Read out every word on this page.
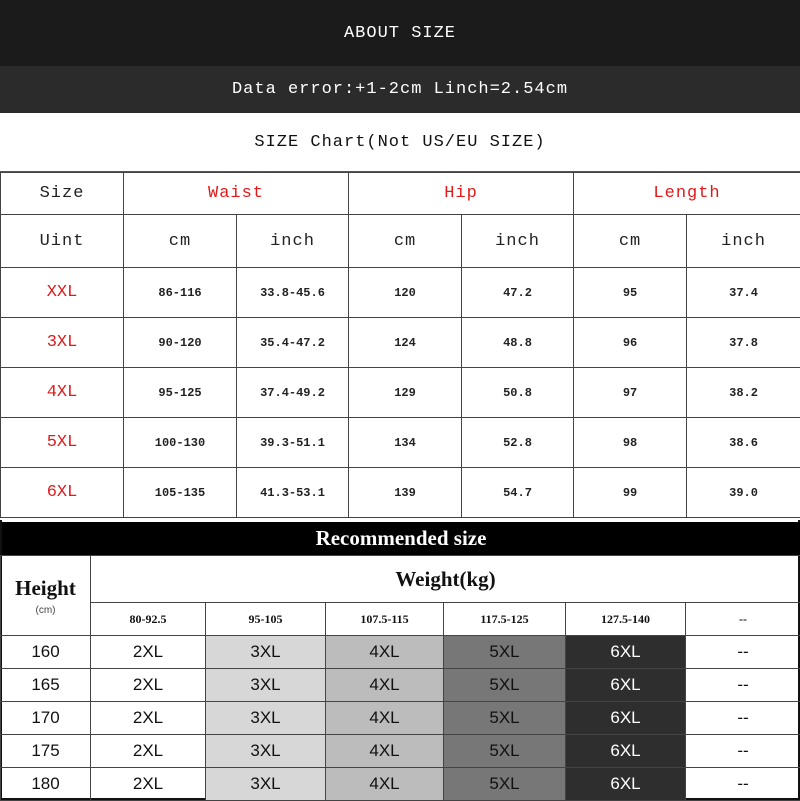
ABOUT SIZE
Data error:+1-2cm Linch=2.54cm
SIZE Chart(Not US/EU SIZE)
Size	Waist		Hip		Length	
Uint	cm	inch	cm	inch	cm	inch
XXL	86-116	33.8-45.6	120	47.2	95	37.4
3XL	90-120	35.4-47.2	124	48.8	96	37.8
4XL	95-125	37.4-49.2	129	50.8	97	38.2
5XL	100-130	39.3-51.1	134	52.8	98	38.6
6XL	105-135	41.3-53.1	139	54.7	99	39.0
Recommended size
Height
(cm)	Weight(kg)					
	80-92.5	95-105	107.5-115	117.5-125	127.5-140	--
160	2XL	3XL	4XL	5XL	6XL	--
165	2XL	3XL	4XL	5XL	6XL	--
170	2XL	3XL	4XL	5XL	6XL	--
175	2XL	3XL	4XL	5XL	6XL	--
180	2XL	3XL	4XL	5XL	6XL	--
